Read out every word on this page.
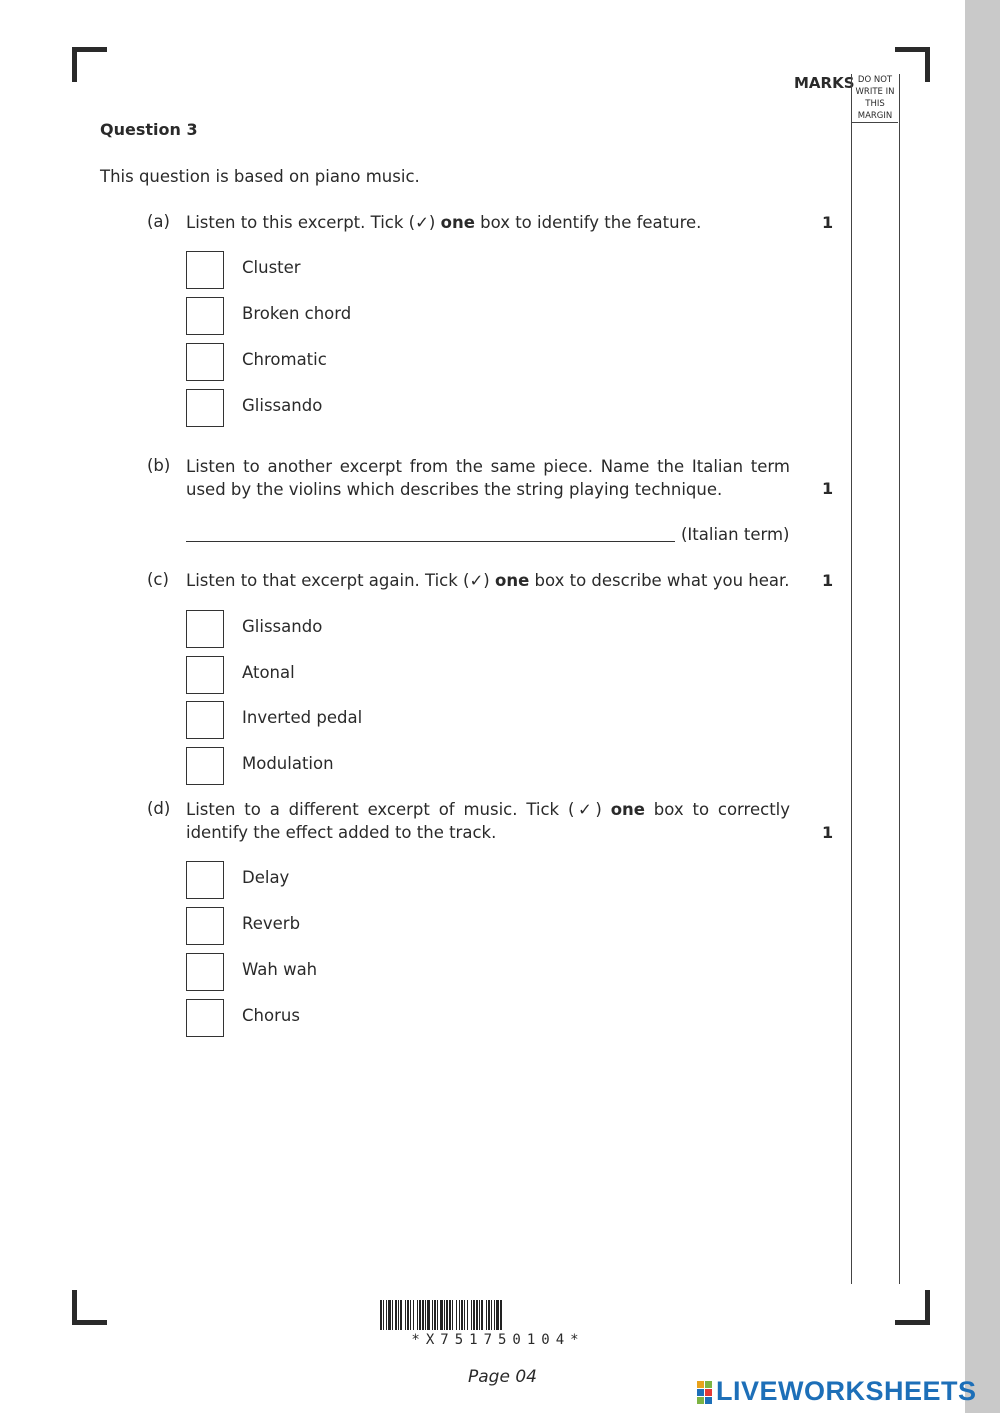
MARKS DO NOT
WRITE IN
THIS
MARGIN
Question 3
This question is based on piano music.
(a) Listen to this excerpt. Tick (✓) one box to identify the feature.	1
Cluster
Broken chord
Chromatic
Glissando
(b) Listen to another excerpt from the same piece. Name the Italian term used by the violins which describes the string playing technique.	1
(Italian term)
(c) Listen to that excerpt again. Tick (✓) one box to describe what you hear. 1
Glissando
Atonal
Inverted pedal
Modulation
(d) Listen to a different excerpt of music. Tick (✓) one box to correctly identify the effect added to the track.	1
Delay
Reverb
Wah wah
Chorus
*X751750104*
Page 04	LIVEWORKSHEETS
